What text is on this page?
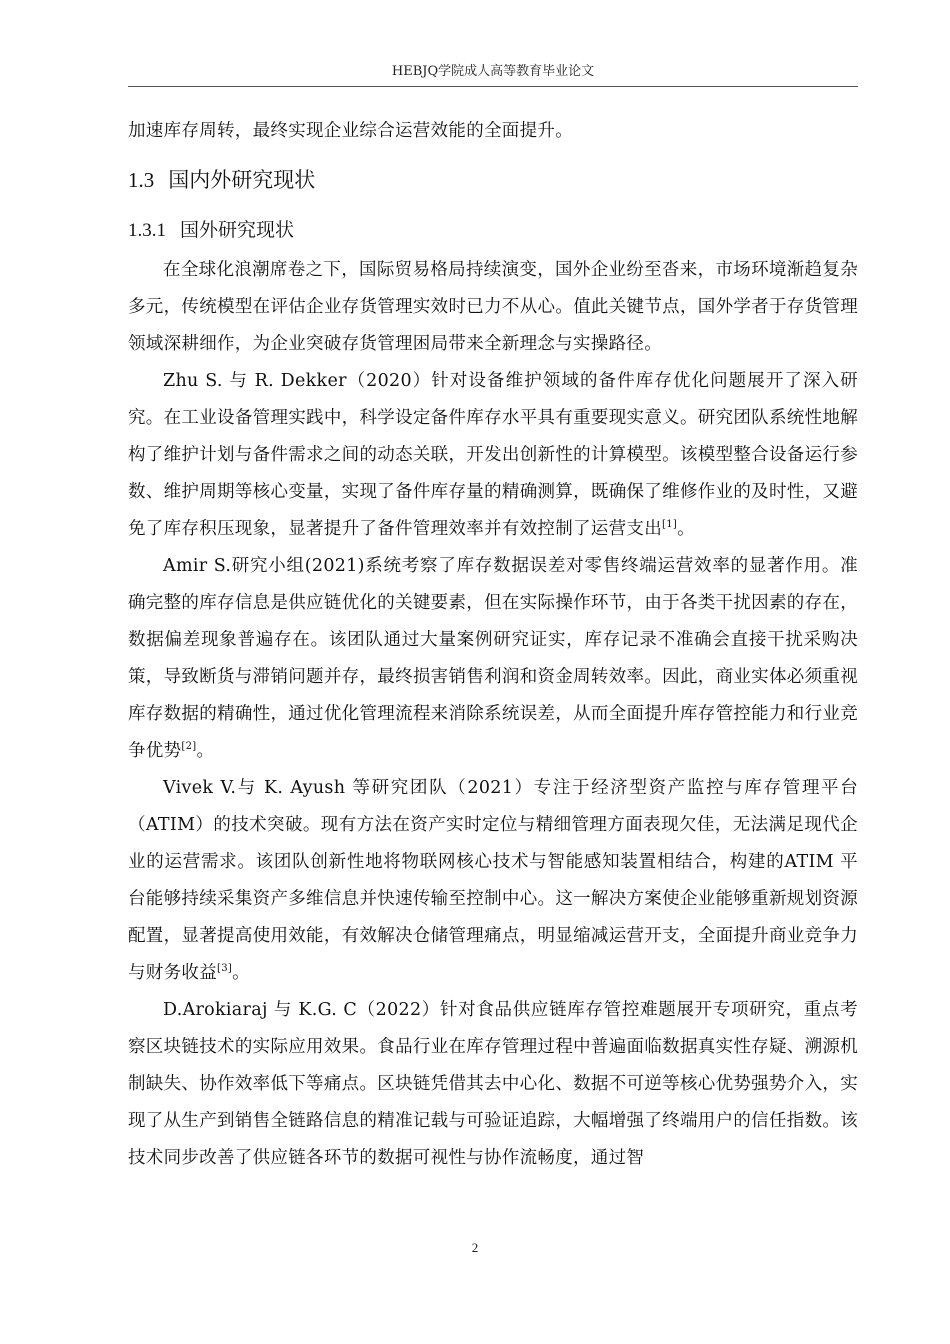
HEBJQ学院成人高等教育毕业论文

加速库存周转，最终实现企业综合运营效能的全面提升。

1.3 国内外研究现状
1.3.1 国外研究现状

在全球化浪潮席卷之下，国际贸易格局持续演变，国外企业纷至沓来，市场环境渐趋复杂多元，传统模型在评估企业存货管理实效时已力不从心。值此关键节点，国外学者于存货管理领域深耕细作，为企业突破存货管理困局带来全新理念与实操路径。

Zhu S. 与 R. Dekker（2020）针对设备维护领域的备件库存优化问题展开了深入研究。在工业设备管理实践中，科学设定备件库存水平具有重要现实意义。研究团队系统性地解构了维护计划与备件需求之间的动态关联，开发出创新性的计算模型。该模型整合设备运行参数、维护周期等核心变量，实现了备件库存量的精确测算，既确保了维修作业的及时性，又避免了库存积压现象，显著提升了备件管理效率并有效控制了运营支出[1]。

Amir S.研究小组(2021)系统考察了库存数据误差对零售终端运营效率的显著作用。准确完整的库存信息是供应链优化的关键要素，但在实际操作环节，由于各类干扰因素的存在，数据偏差现象普遍存在。该团队通过大量案例研究证实，库存记录不准确会直接干扰采购决策，导致断货与滞销问题并存，最终损害销售利润和资金周转效率。因此，商业实体必须重视库存数据的精确性，通过优化管理流程来消除系统误差，从而全面提升库存管控能力和行业竞争优势[2]。

Vivek V.与 K. Ayush 等研究团队（2021）专注于经济型资产监控与库存管理平台（ATIM）的技术突破。现有方法在资产实时定位与精细管理方面表现欠佳，无法满足现代企业的运营需求。该团队创新性地将物联网核心技术与智能感知装置相结合，构建的ATIM 平台能够持续采集资产多维信息并快速传输至控制中心。这一解决方案使企业能够重新规划资源配置，显著提高使用效能，有效解决仓储管理痛点，明显缩减运营开支，全面提升商业竞争力与财务收益[3]。

D.Arokiaraj 与 K.G. C（2022）针对食品供应链库存管控难题展开专项研究，重点考察区块链技术的实际应用效果。食品行业在库存管理过程中普遍面临数据真实性存疑、溯源机制缺失、协作效率低下等痛点。区块链凭借其去中心化、数据不可逆等核心优势强势介入，实现了从生产到销售全链路信息的精准记载与可验证追踪，大幅增强了终端用户的信任指数。该技术同步改善了供应链各环节的数据可视性与协作流畅度，通过智

2
